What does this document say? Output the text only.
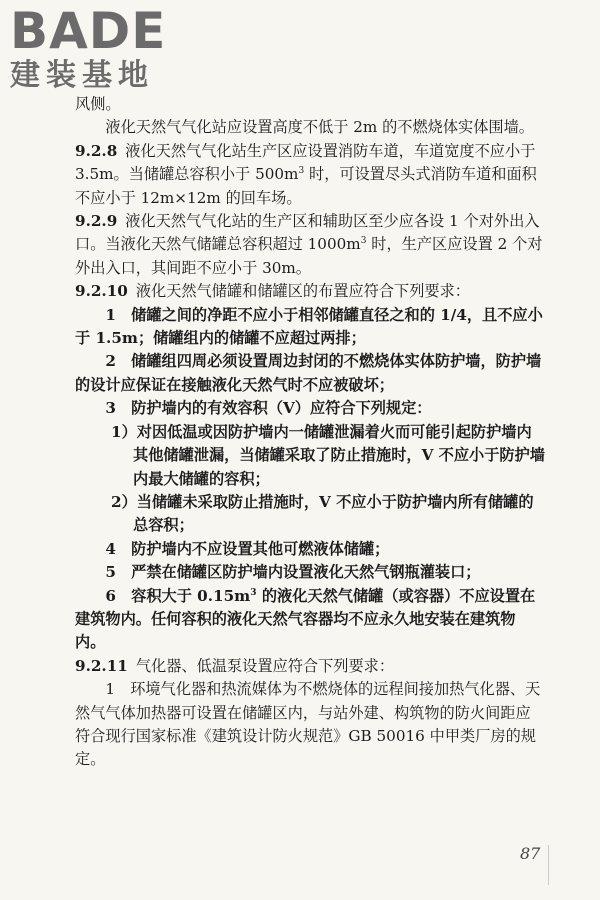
BADE
建装基地

风侧。

液化天然气气化站应设置高度不低于 2m 的不燃烧体实体围墙。

9.2.8 液化天然气气化站生产区应设置消防车道，车道宽度不应小于 3.5m。当储罐总容积小于 $500m^3$ 时，可设置尽头式消防车道和面积不应小于 12m×12m 的回车场。

9.2.9 液化天然气气化站的生产区和辅助区至少应各设 1 个对外出入口。当液化天然气储罐总容积超过 $1000m^3$ 时，生产区应设置 2 个对外出入口，其间距不应小于 30m。

9.2.10 液化天然气储罐和储罐区的布置应符合下列要求：

1　储罐之间的净距不应小于相邻储罐直径之和的 1/4，且不应小于 1.5m；储罐组内的储罐不应超过两排；

2　储罐组四周必须设置周边封闭的不燃烧体实体防护墙，防护墙的设计应保证在接触液化天然气时不应被破坏；

3　防护墙内的有效容积（V）应符合下列规定：

1）对因低温或因防护墙内一储罐泄漏着火而可能引起防护墙内其他储罐泄漏，当储罐采取了防止措施时，V 不应小于防护墙内最大储罐的容积；

2）当储罐未采取防止措施时，V 不应小于防护墙内所有储罐的总容积；

4　防护墙内不应设置其他可燃液体储罐；

5　严禁在储罐区防护墙内设置液化天然气钢瓶灌装口；

6　容积大于 $0.15m^3$ 的液化天然气储罐（或容器）不应设置在建筑物内。任何容积的液化天然气容器均不应永久地安装在建筑物内。

9.2.11 气化器、低温泵设置应符合下列要求：

1　环境气化器和热流媒体为不燃烧体的远程间接加热气化器、天然气气体加热器可设置在储罐区内，与站外建、构筑物的防火间距应符合现行国家标准《建筑设计防火规范》GB 50016 中甲类厂房的规定。

87
